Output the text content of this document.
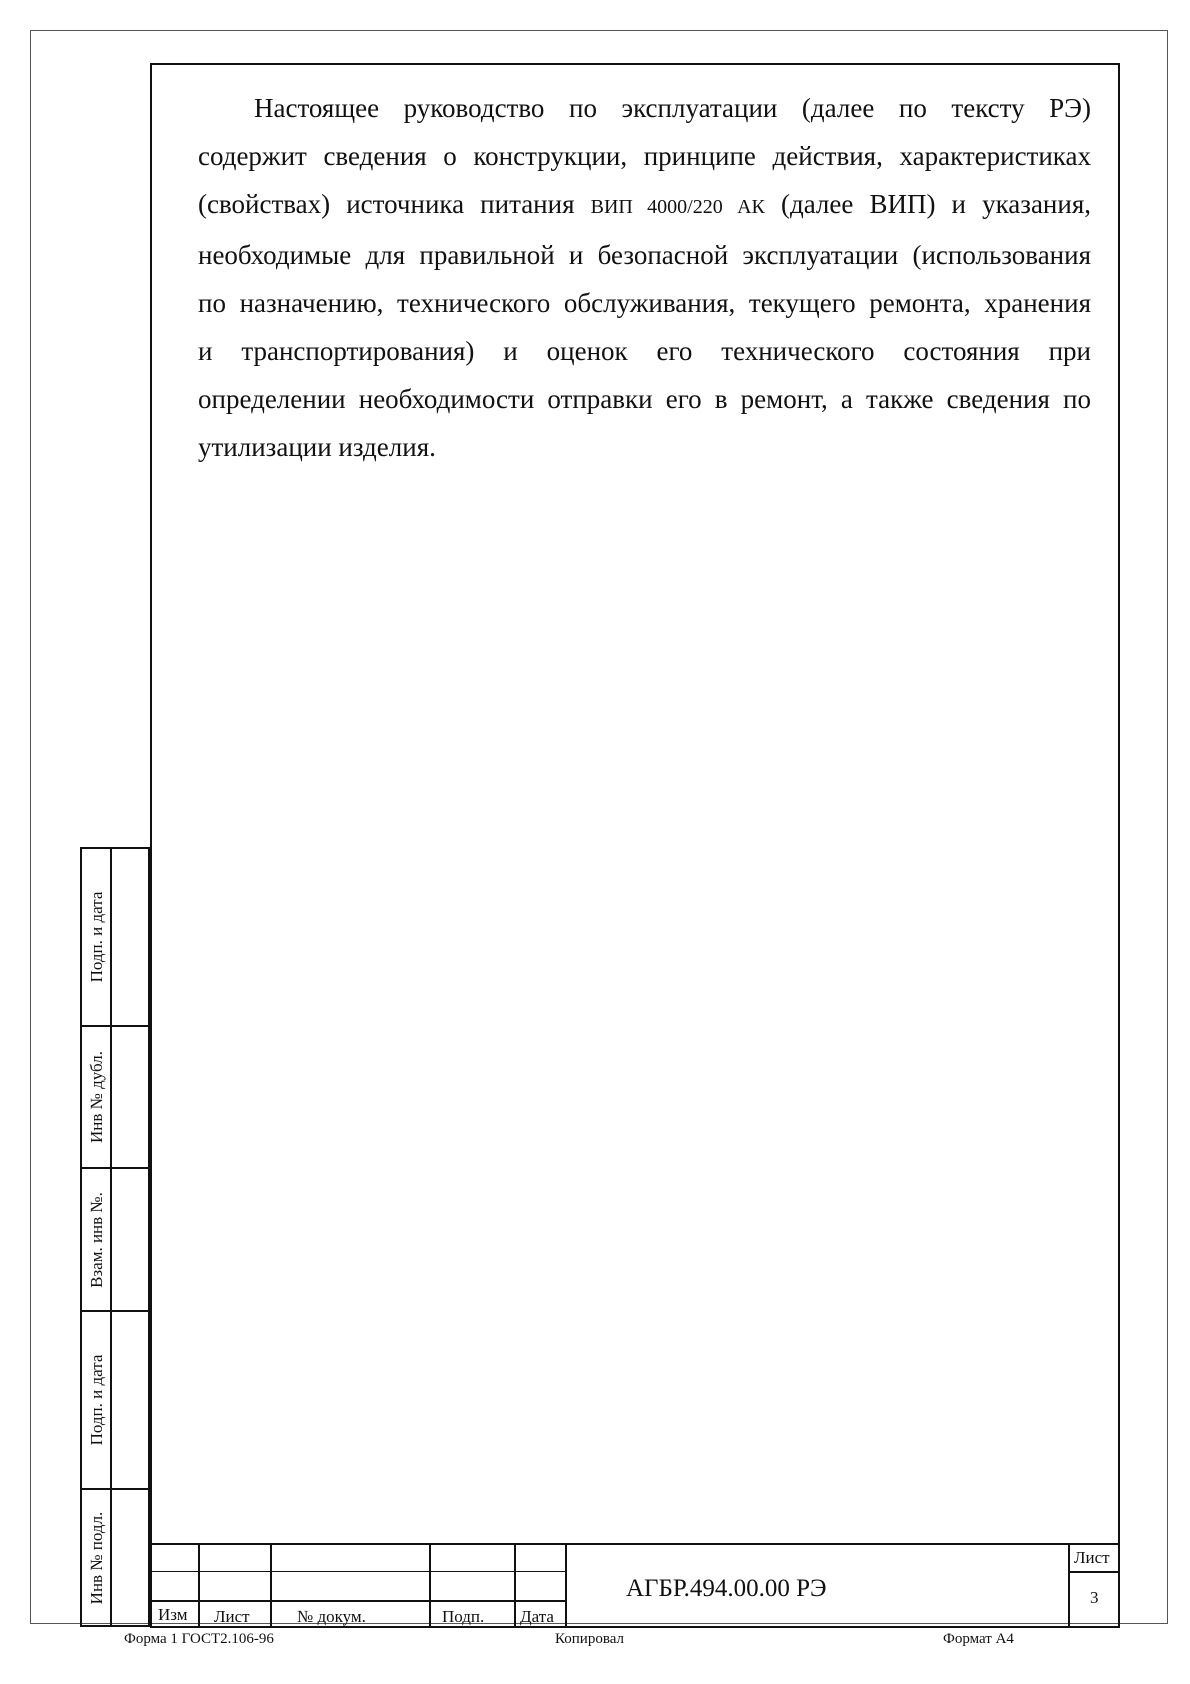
Настоящее руководство по эксплуатации (далее по тексту РЭ)

содержит сведения о конструкции, принципе действия, характеристиках
(свойствах) источника питания ВИП 4000/220 АК (далее ВИП) и указания,
необходимые для правильной и безопасной эксплуатации (использования
по назначению, технического обслуживания, текущего ремонта, хранения
и транспортирования) и оценок его технического состояния при
определении необходимости отправки его в ремонт, а также сведения по
утилизации изделия.
Подп. и дата
Инв № дубл.
Взам. инв №.
Подп. и дата
Инв № подл.
Изм Лист	№ докум.	Подп. Дата
АГБР.494.00.00 РЭ
Лист
3
Форма 1 ГОСТ2.106-96	Копировал	Формат А4
